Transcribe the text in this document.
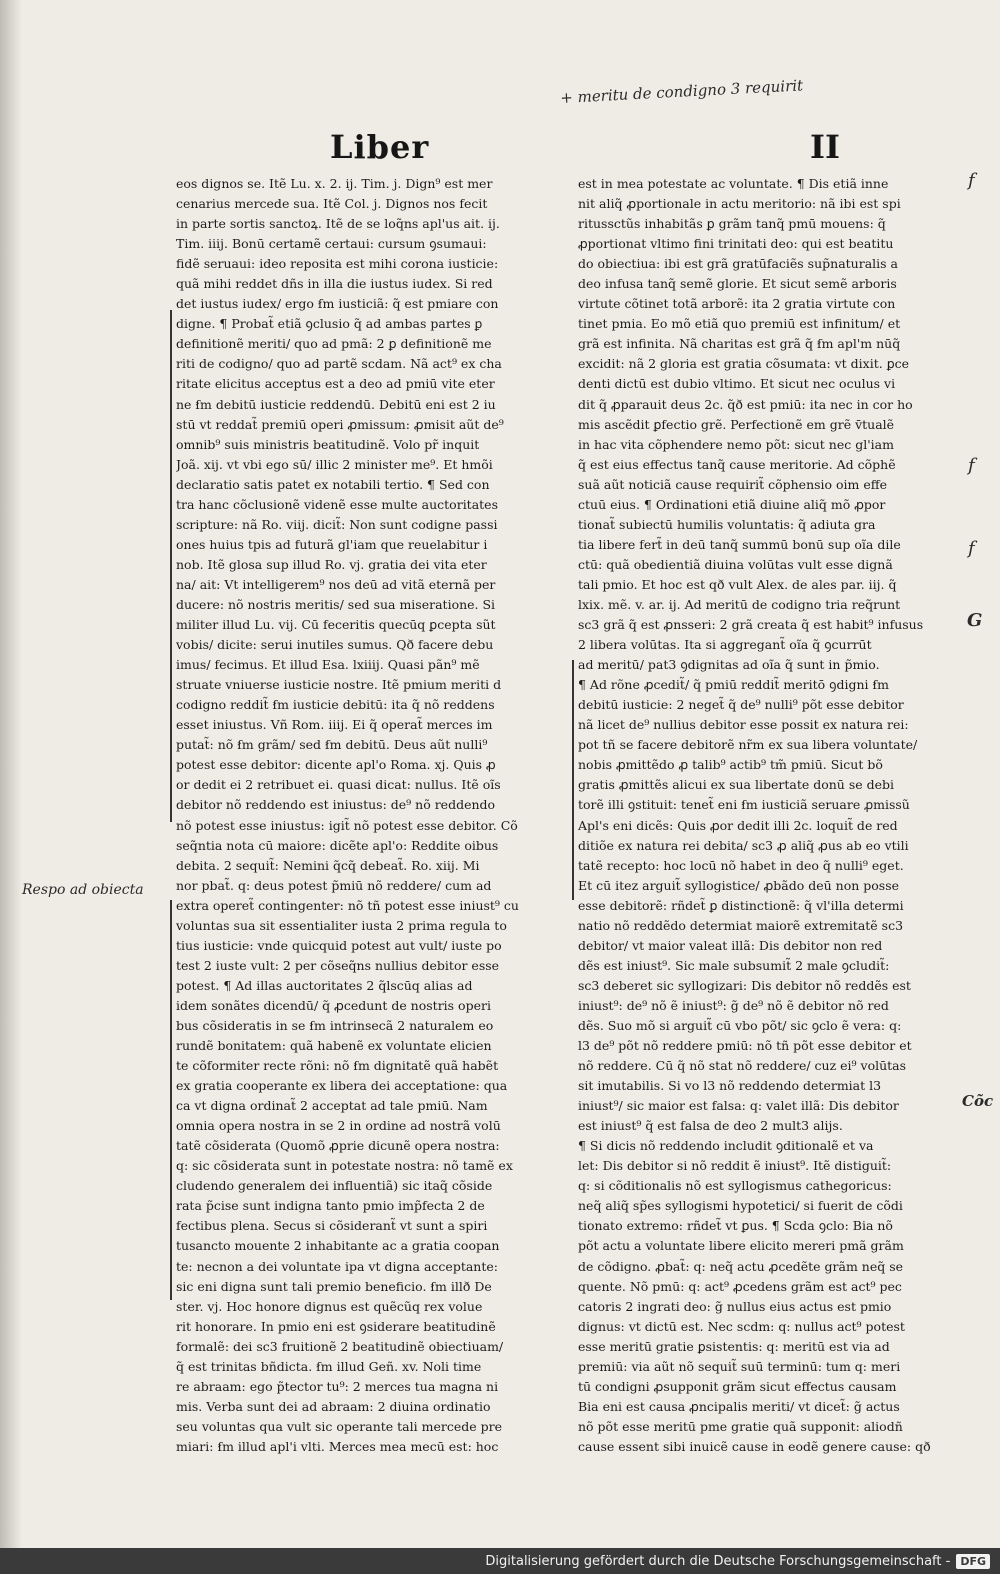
+ meritu de condigno 3 requirit
Liber	II
eos dignos se. Itẽ Lu. x. 2. ij. Tim. j. Dign⁹ est mer
cenarius mercede sua. Itẽ Col. j. Dignos nos fecit
in parte sortis sanctoꝝ. Itẽ de se loq̃ns apl'us ait. ij.
Tim. iiij. Bonū certamẽ certaui: cursum ꝯsumaui:
fidẽ seruaui: ideo reposita est mihi corona iusticie:
quã mihi reddet dñs in illa die iustus iudex. Si red
det iustus iudex/ ergo ẜm iusticiã: q̃ est pmiare con
digne. ¶ Probat̃ etiã ꝯclusio q̃ ad ambas partes ꝑ
definitionẽ meriti/ quo ad pmã: 2 ꝑ definitionẽ me
riti de codigno/ quo ad partẽ scdam. Nã act⁹ ex cha
ritate elicitus acceptus est a deo ad pmiū vite eter
ne ẜm debitū iusticie reddendū. Debitū eni est 2 iu
stū vt reddat̃ premiū operi ꝓmissum: ꝓmisit aũt de⁹
omnib⁹ suis ministris beatitudinẽ. Volo pr̃ inquit
Joã. xij. vt vbi ego sū/ illic 2 minister me⁹. Et hmõi
declaratio satis patet ex notabili tertio. ¶ Sed con
tra hanc cõclusionẽ videnẽ esse multe auctoritates
scripture: nã Ro. viij. dicit̃: Non sunt codigne passi
ones huius tpis ad futurã gl'iam que reuelabitur i
nob. Itẽ glosa sup illud Ro. vj. gratia dei vita eter
na/ ait: Vt intelligerem⁹ nos deū ad vitã eternã per
ducere: nõ nostris meritis/ sed sua miseratione. Si
militer illud Lu. vij. Cū feceritis quecūq ꝑcepta sũt
vobis/ dicite: serui inutiles sumus. Qð facere debu
imus/ fecimus. Et illud Esa. lxiiij. Quasi pãn⁹ mẽ
struate vniuerse iusticie nostre. Itẽ pmium meriti d
codigno reddit̃ ẜm iusticie debitū: ita q̃ nõ reddens
esset iniustus. Vñ Rom. iiij. Ei q̃ operat̃ merces im
putat̃: nõ ẜm grãm/ sed ẜm debitū. Deus aũt nulli⁹
potest esse debitor: dicente apl'o Roma. xj. Quis ꝓ
or dedit ei 2 retribuet ei. quasi dicat: nullus. Itẽ oĩs
debitor nõ reddendo est iniustus: de⁹ nõ reddendo
nõ potest esse iniustus: igit̃ nõ potest esse debitor. Cõ
seq̃ntia nota cū maiore: dicẽte apl'o: Reddite oibus
debita. 2 sequit̃: Nemini q̃cq̃ debeat̃. Ro. xiij. Mi
nor pbat̃. q: deus potest p̃miū nõ reddere/ cum ad
extra operet̃ contingenter: nõ tñ potest esse iniust⁹ cu
voluntas sua sit essentialiter iusta 2 prima regula to
tius iusticie: vnde quicquid potest aut vult/ iuste po
test 2 iuste vult: 2 per cõseq̃ns nullius debitor esse
potest. ¶ Ad illas auctoritates 2 q̃lscūq alias ad
idem sonãtes dicendū/ q̃ ꝓcedunt de nostris operi
bus cõsideratis in se ẜm intrinsecã 2 naturalem eo
rundẽ bonitatem: quã habenẽ ex voluntate elicien
te cõformiter recte rõni: nõ ẜm dignitatẽ quã habẽt
ex gratia cooperante ex libera dei acceptatione: qua
ca vt digna ordinat̃ 2 acceptat ad tale pmiū. Nam
omnia opera nostra in se 2 in ordine ad nostrã volū
tatẽ cõsiderata (Quomõ ꝓprie dicunẽ opera nostra:
q: sic cõsiderata sunt in potestate nostra: nõ tamẽ ex
cludendo generalem dei influentiã) sic itaq̃ cõside
rata p̃cise sunt indigna tanto pmio imp̃fecta 2 de
fectibus plena. Secus si cõsiderant̃ vt sunt a spiri
tusancto mouente 2 inhabitante ac a gratia coopan
te: necnon a dei voluntate ipa vt digna acceptante:
sic eni digna sunt tali premio beneficio. ẜm illð De
ster. vj. Hoc honore dignus est quẽcũq rex volue
rit honorare. In pmio eni est ꝯsiderare beatitudinẽ
formalẽ: dei sc3 fruitionẽ 2 beatitudinẽ obiectiuam/
q̃ est trinitas bñdicta. ẜm illud Geñ. xv. Noli time
re abraam: ego p̃tector tu⁹: 2 merces tua magna ni
mis. Verba sunt dei ad abraam: 2 diuina ordinatio
seu voluntas qua vult sic operante tali mercede pre
miari: ẜm illud apl'i vlti. Merces mea mecū est: hoc
est in mea potestate ac voluntate. ¶ Dis etiã inne
nit aliq̃ ꝓportionale in actu meritorio: nã ibi est spi
ritussctũs inhabitãs ꝑ grãm tanq̃ pmū mouens: q̃
ꝓportionat vltimo fini trinitati deo: qui est beatitu
do obiectiua: ibi est grã gratūfaciẽs sup̃naturalis a
deo infusa tanq̃ semẽ glorie. Et sicut semẽ arboris
virtute cõtinet totã arborẽ: ita 2 gratia virtute con
tinet pmia. Eo mõ etiã quo premiū est infinitum/ et
grã est infinita. Nã charitas est grã q̃ ẜm apl'm nūq̃
excidit: nã 2 gloria est gratia cõsumata: vt dixit. ꝑce
denti dictū est dubio vltimo. Et sicut nec oculus vi
dit q̃ ꝓparauit deus 2c. q̃ð est pmiū: ita nec in cor ho
mis ascẽdit ꝑfectio grẽ. Perfectionẽ em grẽ v̄tualẽ
in hac vita cõphendere nemo põt: sicut nec gl'iam
q̃ est eius effectus tanq̃ cause meritorie. Ad cõphẽ
suã aũt noticiã cause requirit̃ cõphensio oim effe
ctuū eius. ¶ Ordinationi etiã diuine aliq̃ mõ ꝓpor
tionat̃ subiectū humilis voluntatis: q̃ adiuta gra
tia libere fert̃ in deū tanq̃ summū bonū sup oĩa dile
ctū: quã obedientiã diuina volūtas vult esse dignã
tali pmio. Et hoc est qð vult Alex. de ales par. iij. q̃
lxix. mẽ. v. ar. ij. Ad meritū de codigno tria req̃runt
sc3 grã q̃ est ꝓnsseri: 2 grã creata q̃ est habit⁹ infusus
2 libera volūtas. Ita si aggregant̃ oĩa q̃ ꝯcurrūt
ad meritū/ pat3 ꝯdignitas ad oĩa q̃ sunt in p̃mio.
¶ Ad rõne ꝓcedit̃/ q̃ pmiū reddit̃ meritō ꝯdigni ẜm
debitū iusticie: 2 neget̃ q̃ de⁹ nulli⁹ põt esse debitor
nã licet de⁹ nullius debitor esse possit ex natura rei:
pot tñ se facere debitorẽ nr̃m ex sua libera voluntate/
nobis ꝓmittẽdo ꝓ talib⁹ actib⁹ tm̃ pmiū. Sicut bõ
gratis ꝓmittẽs alicui ex sua libertate donū se debi
torẽ illi ꝯstituit: tenet̃ eni ẜm iusticiã seruare ꝓmissũ
Apl's eni dicẽs: Quis ꝓor dedit illi 2c. loquit̃ de red
ditiõe ex natura rei debita/ sc3 ꝓ aliq̃ ꝓus ab eo vtili
tatẽ recepto: hoc locū nõ habet in deo q̃ nulli⁹ eget.
Et cū itez arguit̃ syllogistice/ ꝓbãdo deū non posse
esse debitorẽ: rñdet̃ ꝑ distinctionẽ: q̃ vl'illa determi
natio nõ reddẽdo determiat maiorẽ extremitatẽ sc3
debitor/ vt maior valeat illã: Dis debitor non red
dẽs est iniust⁹. Sic male subsumit̃ 2 male ꝯcludit̃:
sc3 deberet sic syllogizari: Dis debitor nõ reddẽs est
iniust⁹: de⁹ nõ ẽ iniust⁹: g̃ de⁹ nõ ẽ debitor nõ red
dẽs. Suo mõ si arguit̃ cū vbo põt/ sic ꝯclo ẽ vera: q:
l3 de⁹ põt nõ reddere pmiū: nõ tñ põt esse debitor et
nõ reddere. Cū q̃ nõ stat nõ reddere/ cuz ei⁹ volūtas
sit imutabilis. Si vo l3 nõ reddendo determiat l3
iniust⁹/ sic maior est falsa: q: valet illã: Dis debitor
est iniust⁹ q̃ est falsa de deo 2 mult3 alijs.
¶ Si dicis nõ reddendo includit ꝯditionalẽ et va
let: Dis debitor si nõ reddit ẽ iniust⁹. Itẽ distiguit̃:
q: si cõditionalis nõ est syllogismus cathegoricus:
neq̃ aliq̃ sp̃es syllogismi hypotetici/ si fuerit de cõdi
tionato extremo: rñdet̃ vt ꝑus. ¶ Scda ꝯclo: Bia nõ
põt actu a voluntate libere elicito mereri pmã grãm
de cõdigno. ꝓbat̃: q: neq̃ actu ꝓcedẽte grãm neq̃ se
quente. Nõ pmū: q: act⁹ ꝓcedens grãm est act⁹ pec
catoris 2 ingrati deo: g̃ nullus eius actus est pmio
dignus: vt dictū est. Nec scdm: q: nullus act⁹ potest
esse meritū gratie ꝑsistentis: q: meritū est via ad
premiū: via aũt nõ sequit̃ suū terminū: tum q: meri
tū condigni ꝓsupponit grãm sicut effectus causam
Bia eni est causa ꝓncipalis meriti/ vt dicet̃: g̃ actus
nõ põt esse meritū pme gratie quã supponit: aliodñ
cause essent sibi inuicẽ cause in eodẽ genere cause: qð
Respo ad obiecta
f
f
f
G
Cõc
Digitalisierung gefördert durch die Deutsche Forschungsgemeinschaft - DFG
